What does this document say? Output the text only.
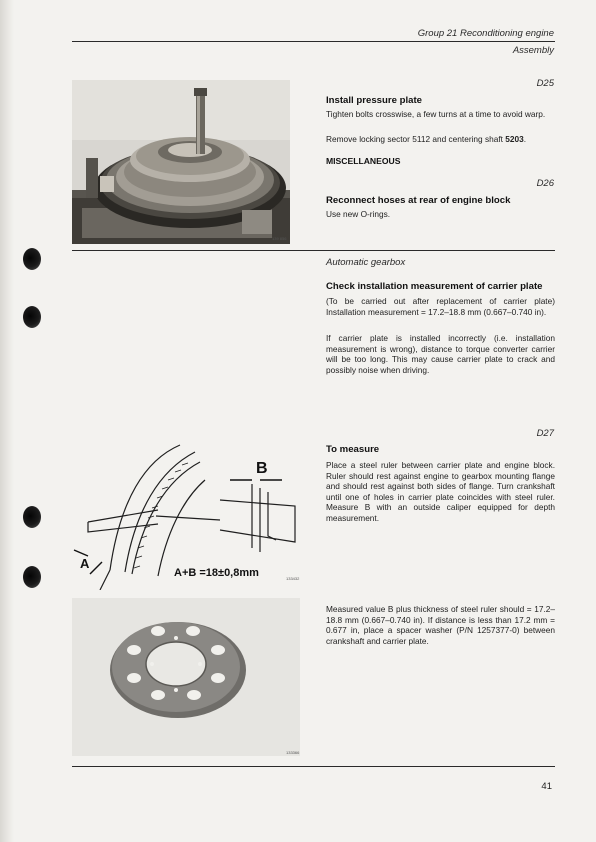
Group 21 Reconditioning engine
Assembly
139 856
D25
Install pressure plate
Tighten bolts crosswise, a few turns at a time to avoid warp.
Remove locking sector 5112 and centering shaft 5203.
MISCELLANEOUS
D26
Reconnect hoses at rear of engine block
Use new O-rings.
Automatic gearbox
Check installation measurement of carrier plate
(To be carried out after replacement of carrier plate) Installation measurement = 17.2–18.8 mm (0.667–0.740 in).
If carrier plate is installed incorrectly (i.e. installation measurement is wrong), distance to torque converter carrier will be too long. This may cause carrier plate to crack and possibly noise when driving.
B
A
A+B =18±0,8mm	133432
D27
To measure
Place a steel ruler between carrier plate and engine block. Ruler should rest against engine to gearbox mounting flange and should rest against both sides of flange. Turn crankshaft until one of holes in carrier plate coincides with steel ruler. Measure B with an outside caliper equipped for depth measurement.
133366
Measured value B plus thickness of steel ruler should = 17.2–18.8 mm (0.667–0.740 in). If distance is less than 17.2 mm = 0.677 in, place a spacer washer (P/N 1257377-0) between crankshaft and carrier plate.
41
